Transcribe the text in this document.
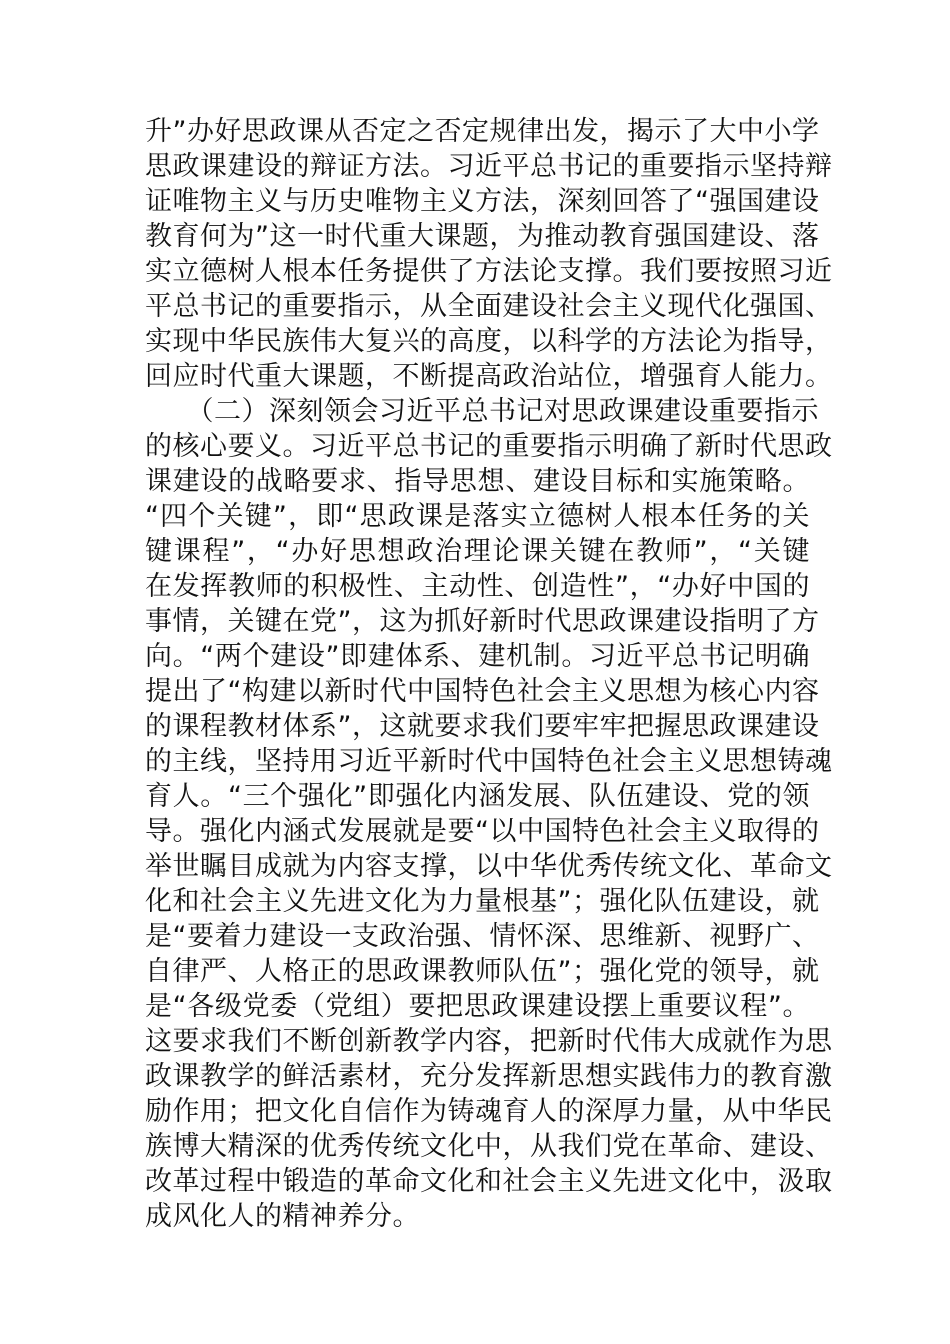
升”办好思政课从否定之否定规律出发，揭示了大中小学
思政课建设的辩证方法。习近平总书记的重要指示坚持辩
证唯物主义与历史唯物主义方法，深刻回答了“强国建设
教育何为”这一时代重大课题，为推动教育强国建设、落
实立德树人根本任务提供了方法论支撑。我们要按照习近
平总书记的重要指示，从全面建设社会主义现代化强国、
实现中华民族伟大复兴的高度，以科学的方法论为指导，
回应时代重大课题，不断提高政治站位，增强育人能力。
　　（二）深刻领会习近平总书记对思政课建设重要指示
的核心要义。习近平总书记的重要指示明确了新时代思政
课建设的战略要求、指导思想、建设目标和实施策略。
“四个关键”，即“思政课是落实立德树人根本任务的关
键课程”，“办好思想政治理论课关键在教师”，“关键
在发挥教师的积极性、主动性、创造性”，“办好中国的
事情，关键在党”，这为抓好新时代思政课建设指明了方
向。“两个建设”即建体系、建机制。习近平总书记明确
提出了“构建以新时代中国特色社会主义思想为核心内容
的课程教材体系”，这就要求我们要牢牢把握思政课建设
的主线，坚持用习近平新时代中国特色社会主义思想铸魂
育人。“三个强化”即强化内涵发展、队伍建设、党的领
导。强化内涵式发展就是要“以中国特色社会主义取得的
举世瞩目成就为内容支撑，以中华优秀传统文化、革命文
化和社会主义先进文化为力量根基”；强化队伍建设，就
是“要着力建设一支政治强、情怀深、思维新、视野广、
自律严、人格正的思政课教师队伍”；强化党的领导，就
是“各级党委（党组）要把思政课建设摆上重要议程”。
这要求我们不断创新教学内容，把新时代伟大成就作为思
政课教学的鲜活素材，充分发挥新思想实践伟力的教育激
励作用；把文化自信作为铸魂育人的深厚力量，从中华民
族博大精深的优秀传统文化中，从我们党在革命、建设、
改革过程中锻造的革命文化和社会主义先进文化中，汲取
成风化人的精神养分。
